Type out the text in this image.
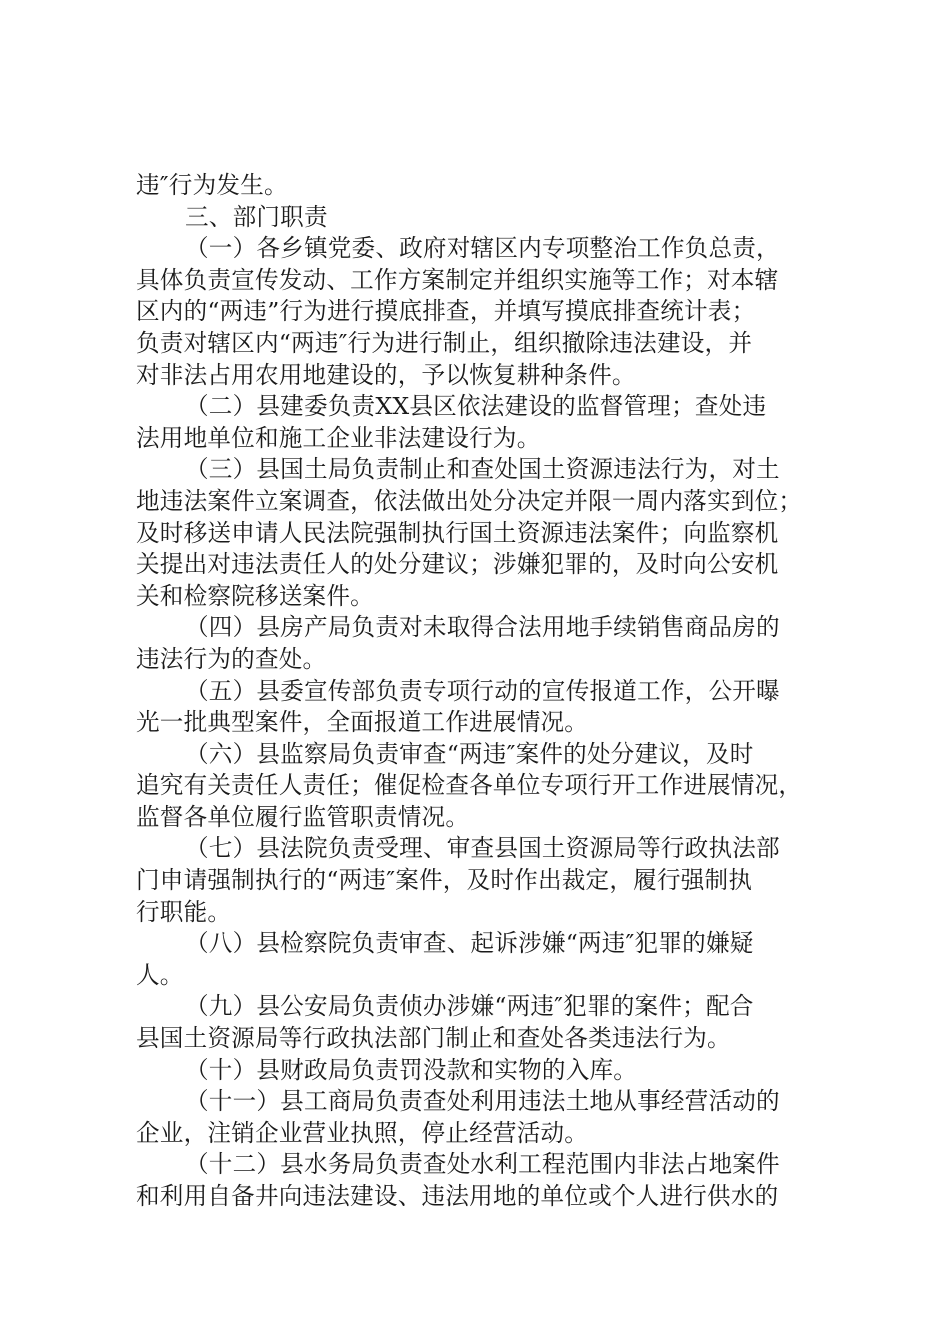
违″行为发生。
三、部门职责
（一）各乡镇党委、政府对辖区内专项整治工作负总责，
具体负责宣传发动、工作方案制定并组织实施等工作；对本辖
区内的“两违”行为进行摸底排查，并填写摸底排查统计表；
负责对辖区内“两违″行为进行制止，组织撤除违法建设，并
对非法占用农用地建设的，予以恢复耕种条件。
（二）县建委负责XX县区依法建设的监督管理；查处违
法用地单位和施工企业非法建设行为。
（三）县国土局负责制止和查处国土资源违法行为，对土
地违法案件立案调查，依法做出处分决定并限一周内落实到位；
及时移送申请人民法院强制执行国土资源违法案件；向监察机
关提出对违法责任人的处分建议；涉嫌犯罪的，及时向公安机
关和检察院移送案件。
（四）县房产局负责对未取得合法用地手续销售商品房的
违法行为的查处。
（五）县委宣传部负责专项行动的宣传报道工作，公开曝
光一批典型案件，全面报道工作进展情况。
（六）县监察局负责审查“两违″案件的处分建议，及时
追究有关责任人责任；催促检查各单位专项行开工作进展情况，
监督各单位履行监管职责情况。
（七）县法院负责受理、审查县国土资源局等行政执法部
门申请强制执行的“两违″案件，及时作出裁定，履行强制执
行职能。
（八）县检察院负责审查、起诉涉嫌“两违″犯罪的嫌疑
人。
（九）县公安局负责侦办涉嫌“两违″犯罪的案件；配合
县国土资源局等行政执法部门制止和查处各类违法行为。
（十）县财政局负责罚没款和实物的入库。
（十一）县工商局负责查处利用违法土地从事经营活动的
企业，注销企业营业执照，停止经营活动。
（十二）县水务局负责查处水利工程范围内非法占地案件
和利用自备井向违法建设、违法用地的单位或个人进行供水的
